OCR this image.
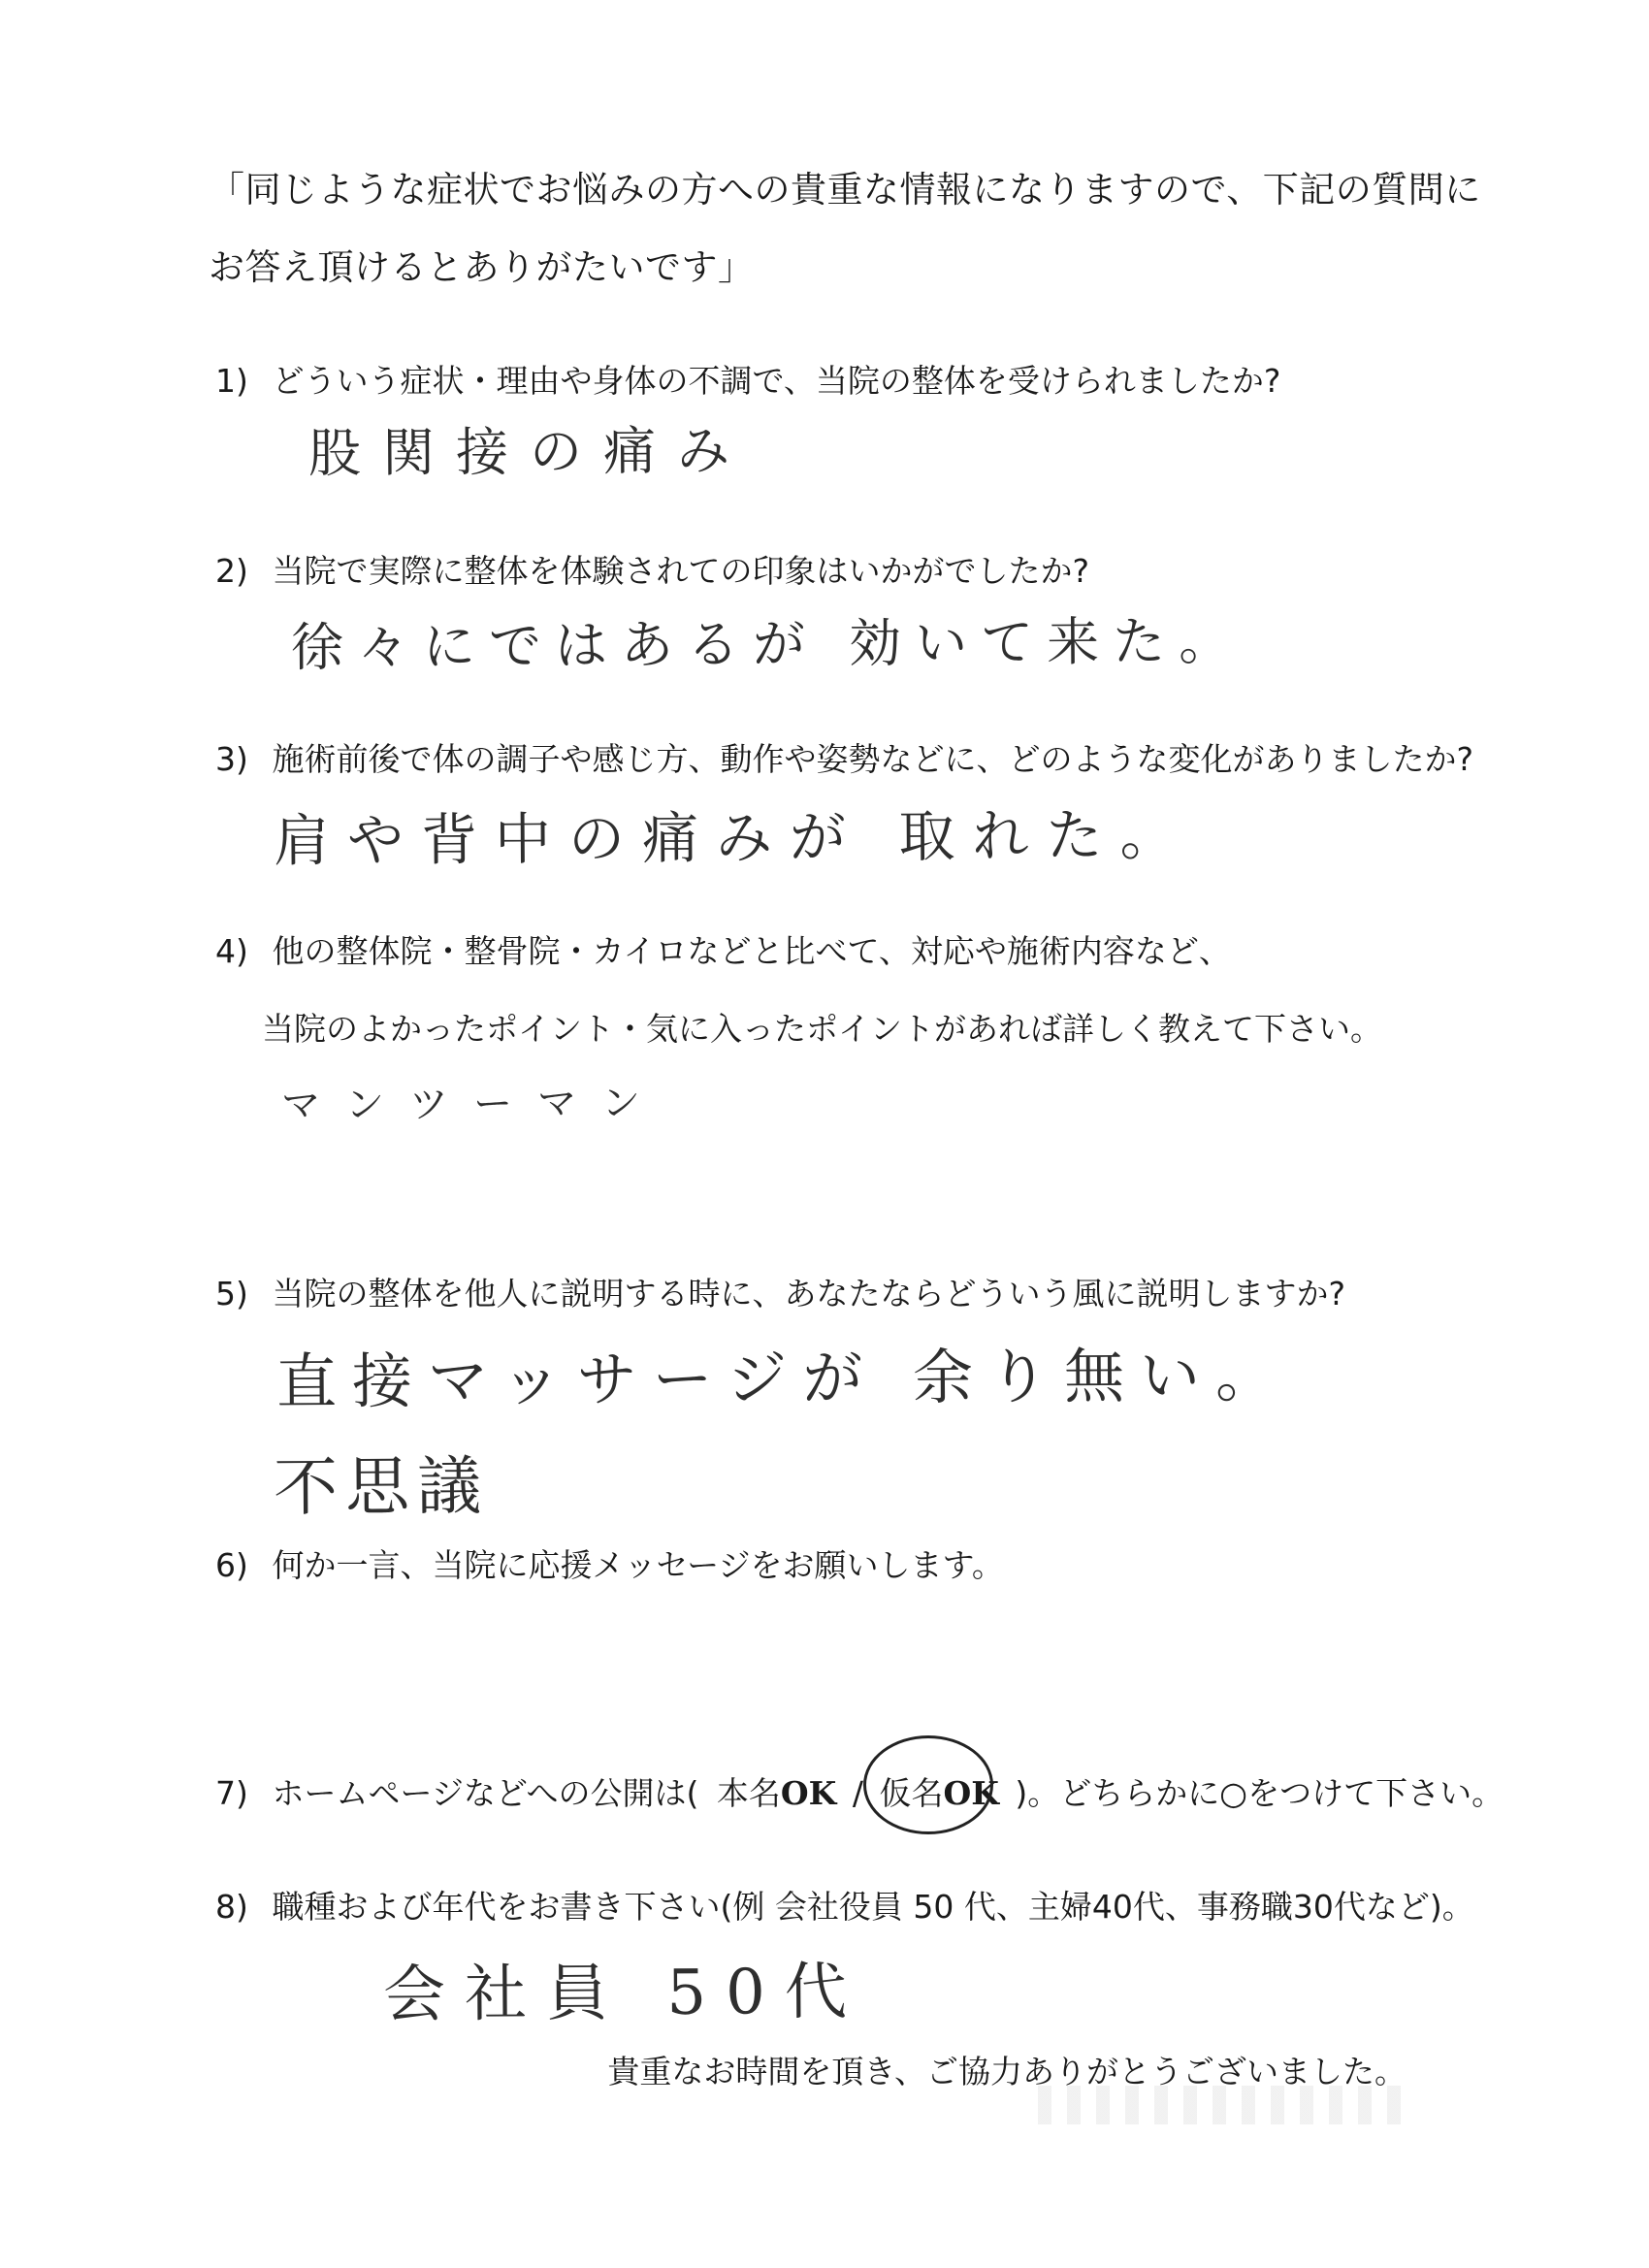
「同じような症状でお悩みの方への貴重な情報になりますので、下記の質問に
お答え頂けるとありがたいです」
1) どういう症状・理由や身体の不調で、当院の整体を受けられましたか?
股関接の痛み
2) 当院で実際に整体を体験されての印象はいかがでしたか?
徐々にではあるが 効いて来た。
3) 施術前後で体の調子や感じ方、動作や姿勢などに、どのような変化がありましたか?
肩や背中の痛みが 取れた。
4) 他の整体院・整骨院・カイロなどと比べて、対応や施術内容など、
当院のよかったポイント・気に入ったポイントがあれば詳しく教えて下さい。
マンツーマン
5) 当院の整体を他人に説明する時に、あなたならどういう風に説明しますか?
直接マッサージが 余り無い。
不思議
6) 何か一言、当院に応援メッセージをお願いします。
7) ホームページなどへの公開は( 本名OK / 仮名OK )。どちらかに○をつけて下さい。
8) 職種および年代をお書き下さい(例 会社役員 50 代、主婦40代、事務職30代など)。
会社員 50代
貴重なお時間を頂き、ご協力ありがとうございました。
